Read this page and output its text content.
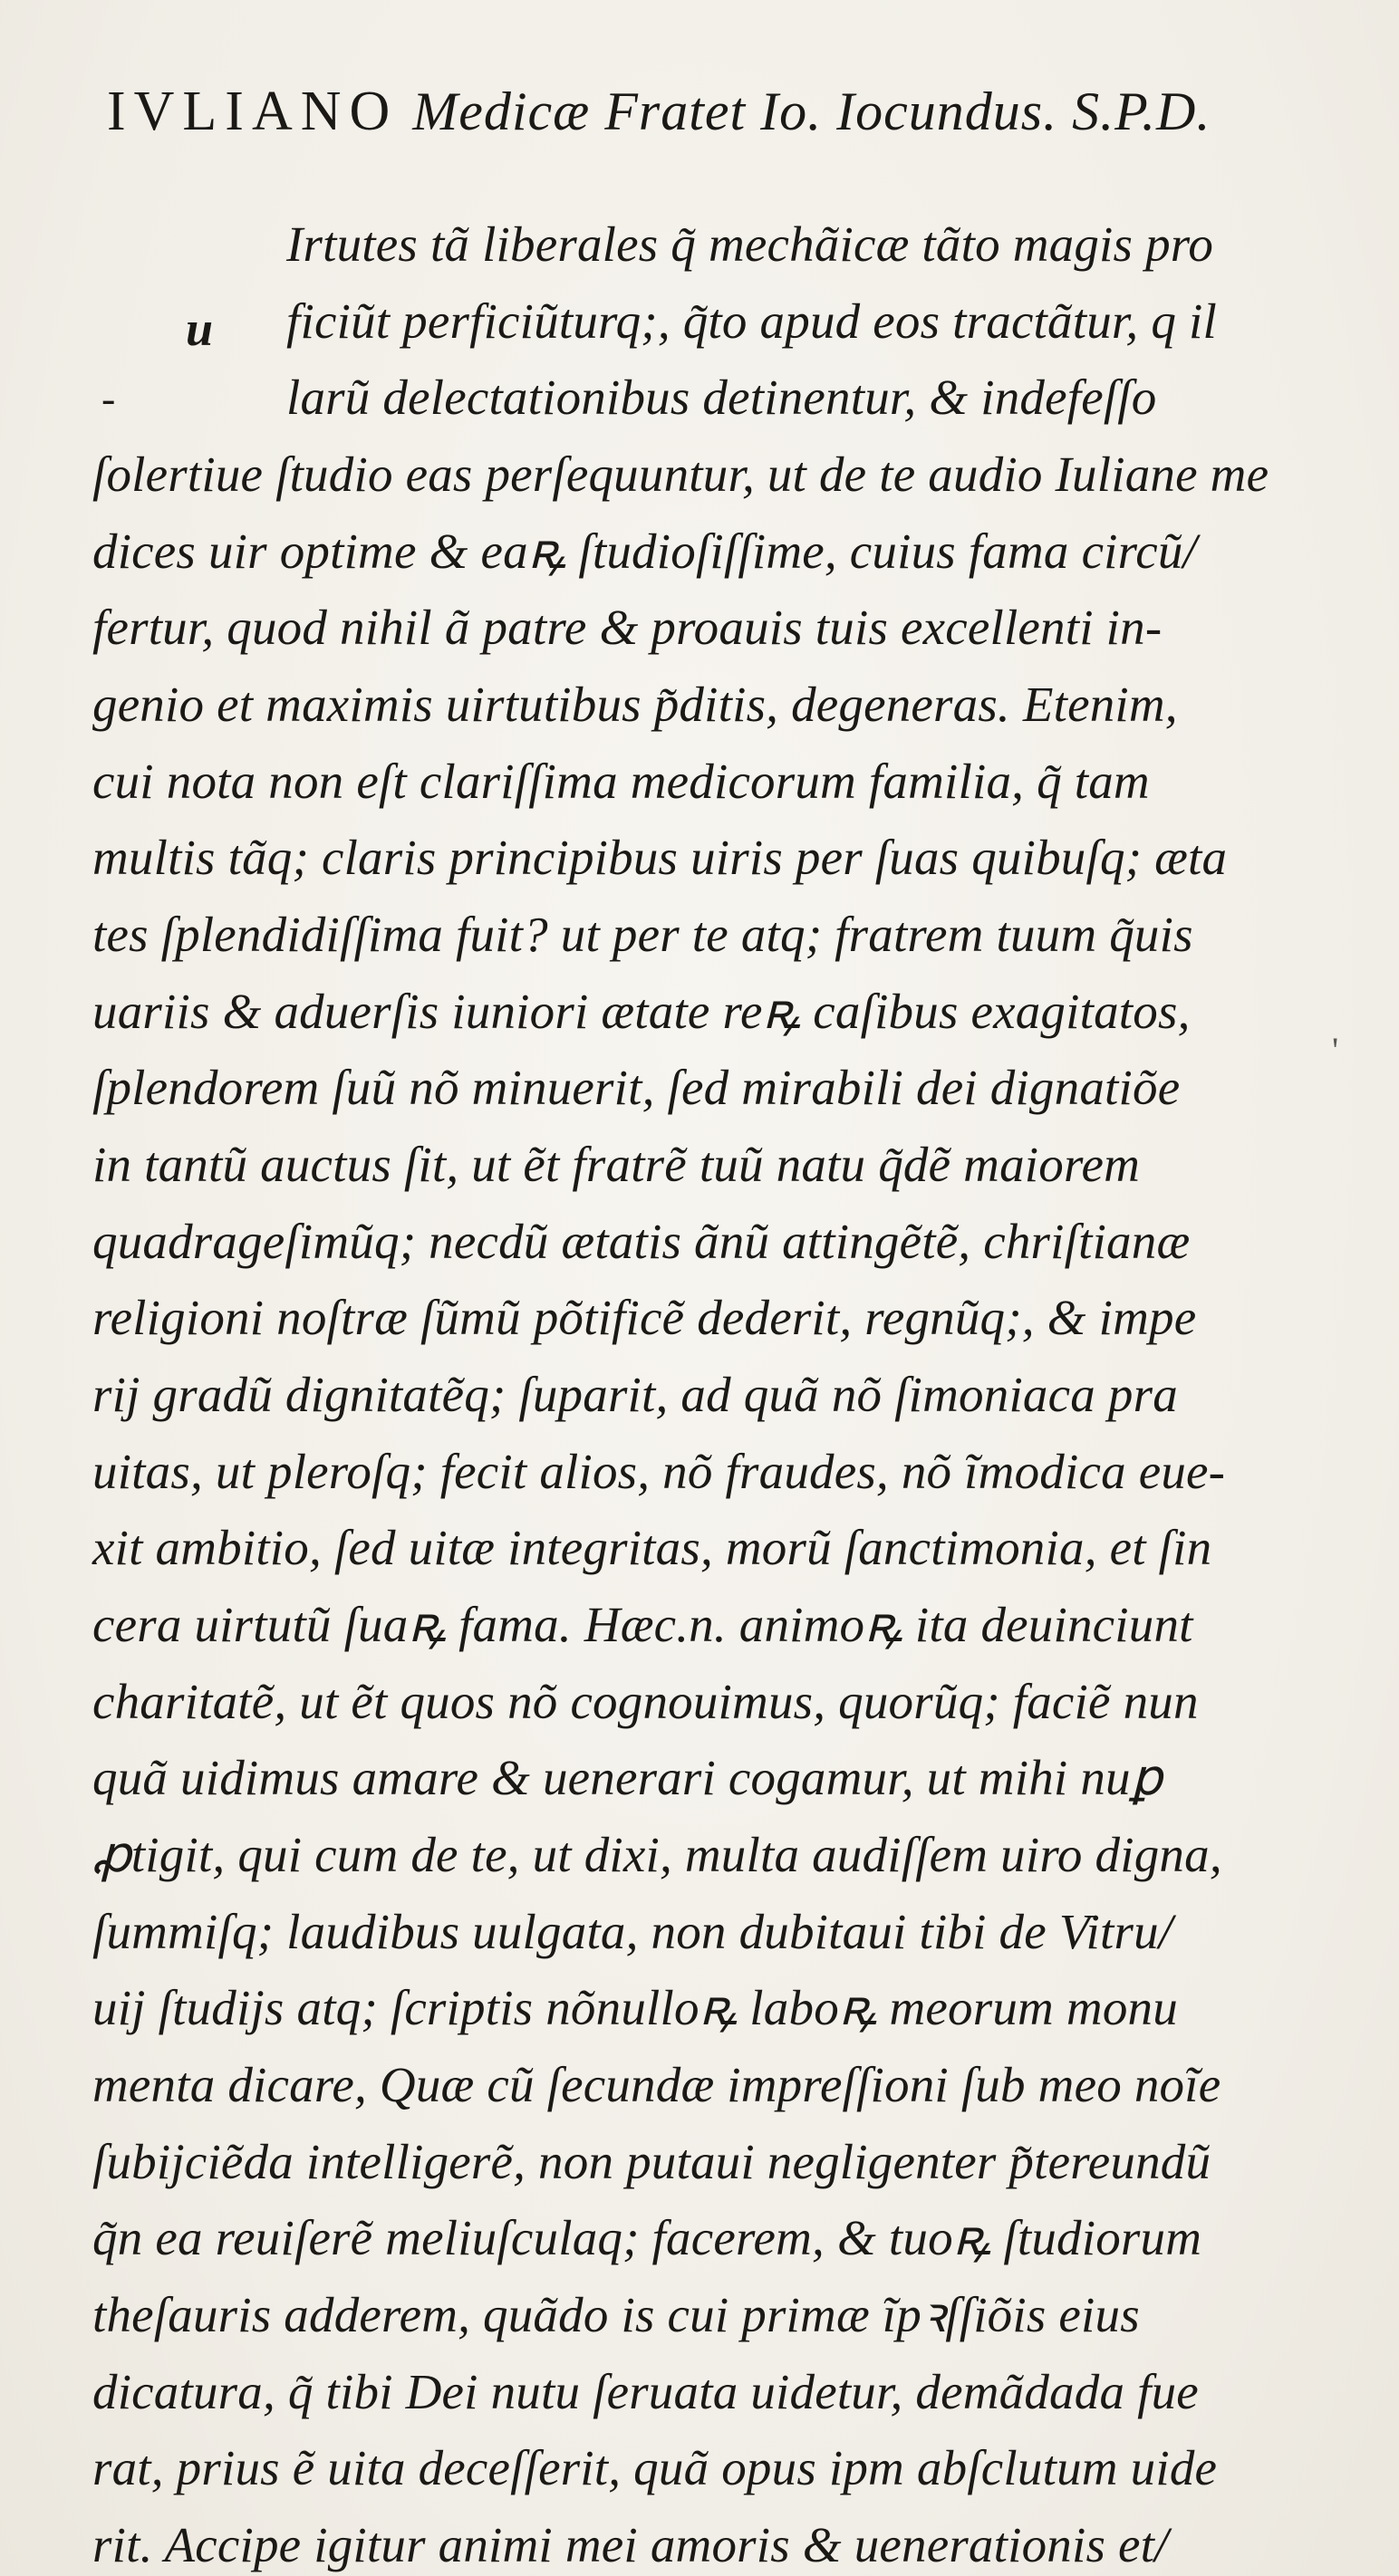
IVLIANO Medicæ Fratet Io. Iocundus. S.P.D.
u
-
'
Irtutes tã liberales q̃ mechãicæ tãto magis pro
ficiũt perficiũturq;, q̃to apud eos tractãtur, q il
larũ delectationibus detinentur, & indefeſſo
ſolertiue ſtudio eas perſequuntur, ut de te audio Iuliane me
dices uir optime & eaꝶ ſtudioſiſſime, cuius fama circũ/
fertur, quod nihil ã patre & proauis tuis excellenti in-
genio et maximis uirtutibus p̃ditis, degeneras. Etenim,
cui nota non eſt clariſſima medicorum familia, q̃ tam
multis tãq; claris principibus uiris per ſuas quibuſq; æta
tes ſplendidiſſima fuit? ut per te atq; fratrem tuum q̃uis
uariis & aduerſis iuniori ætate reꝶ caſibus exagitatos,
ſplendorem ſuũ nõ minuerit, ſed mirabili dei dignatiõe
in tantũ auctus ſit, ut ẽt fratrẽ tuũ natu q̃dẽ maiorem
quadrageſimũq; necdũ ætatis ãnũ attingẽtẽ, chriſtianæ
religioni noſtræ ſũmũ põtificẽ dederit, regnũq;, & impe
rij gradũ dignitatẽq; ſuparit, ad quã nõ ſimoniaca pra
uitas, ut pleroſq; fecit alios, nõ fraudes, nõ ĩmodica eue-
xit ambitio, ſed uitæ integritas, morũ ſanctimonia, et ſin
cera uirtutũ ſuaꝶ fama. Hæc.n. animoꝶ ita deuinciunt
charitatẽ, ut ẽt quos nõ cognouimus, quorũq; faciẽ nun
quã uidimus amare & uenerari cogamur, ut mihi nuꝑ
ꝓtigit, qui cum de te, ut dixi, multa audiſſem uiro digna,
ſummiſq; laudibus uulgata, non dubitaui tibi de Vitru/
uij ſtudijs atq; ſcriptis nõnulloꝶ laboꝶ meorum monu
menta dicare, Quæ cũ ſecundæ impreſſioni ſub meo noĩe
ſubijciẽda intelligerẽ, non putaui negligenter p̃tereundũ
q̃n ea reuiſerẽ meliuſculaq; facerem, & tuoꝶ ſtudiorum
theſauris adderem, quãdo is cui primæ ĩpꝛſſiõis eius
dicatura, q̃ tibi Dei nutu ſeruata uidetur, demãdada fue
rat, prius ẽ uita deceſſerit, quã opus ipm abſclutum uide
rit. Accipe igitur animi mei amoris & uenerationis et/
